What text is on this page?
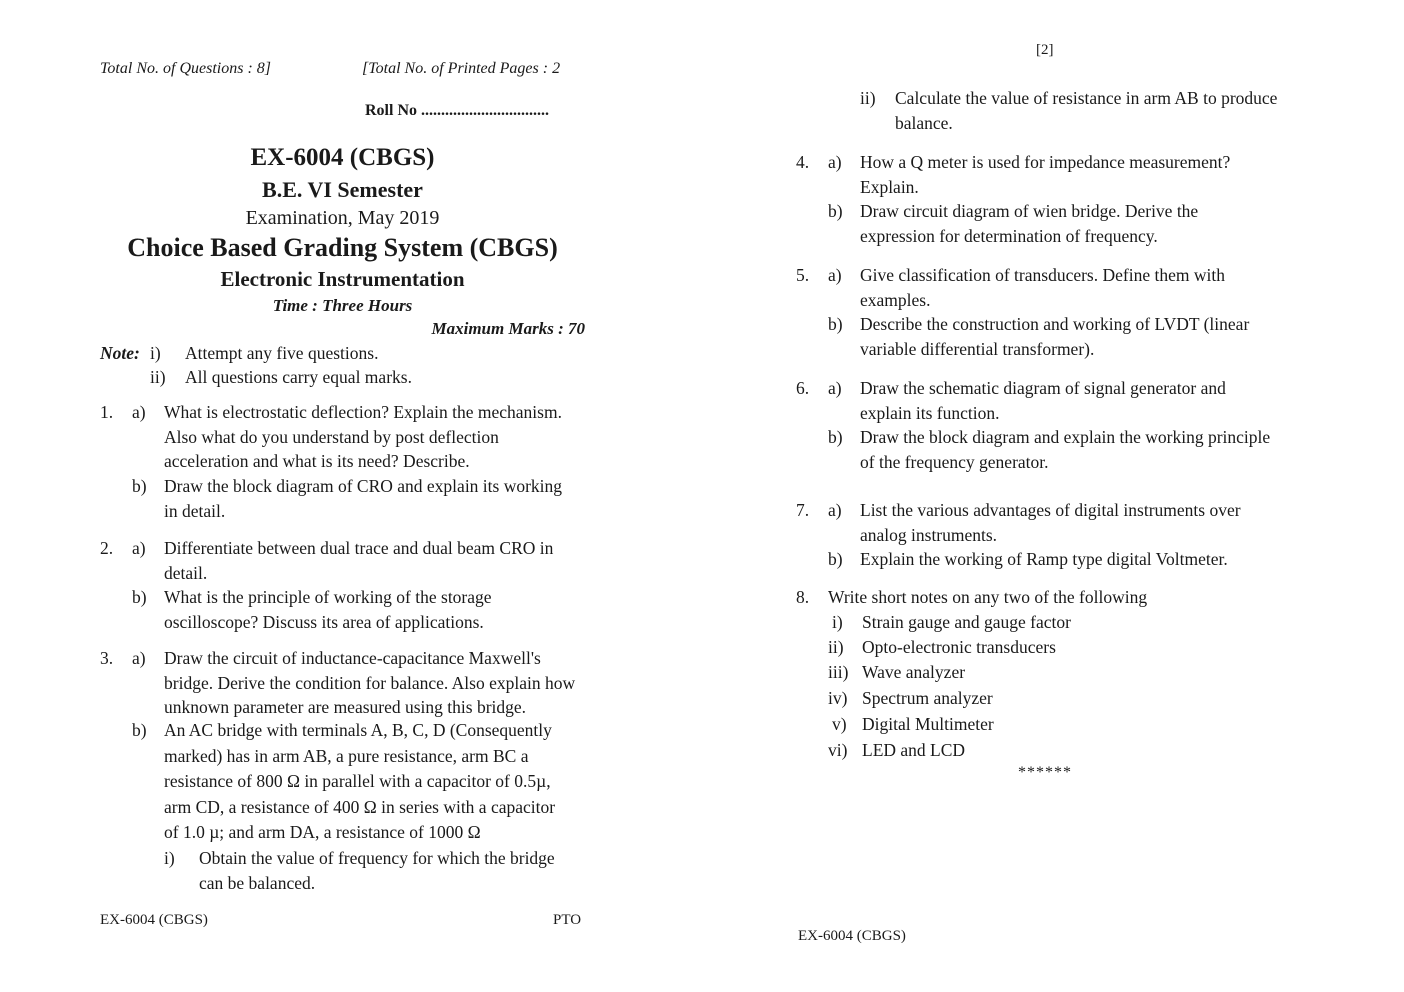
Total No. of Questions : 8]	[Total No. of Printed Pages : 2
Roll No ................................
EX-6004 (CBGS)
B.E. VI Semester
Examination, May 2019
Choice Based Grading System (CBGS)
Electronic Instrumentation
Time : Three Hours
Maximum Marks : 70
Note: i) Attempt any five questions.
ii) All questions carry equal marks.
1. a) What is electrostatic deflection? Explain the mechanism.
Also what do you understand by post deflection
acceleration and what is its need? Describe.
b) Draw the block diagram of CRO and explain its working
in detail.
2. a) Differentiate between dual trace and dual beam CRO in
detail.
b) What is the principle of working of the storage
oscilloscope? Discuss its area of applications.
3. a) Draw the circuit of inductance-capacitance Maxwell's
bridge. Derive the condition for balance. Also explain how
unknown parameter are measured using this bridge.
b) An AC bridge with terminals A, B, C, D (Consequently
marked) has in arm AB, a pure resistance, arm BC a
resistance of 800 Ω in parallel with a capacitor of 0.5µ,
arm CD, a resistance of 400 Ω in series with a capacitor
of 1.0 µ; and arm DA, a resistance of 1000 Ω
i) Obtain the value of frequency for which the bridge
can be balanced.
EX-6004 (CBGS)	PTO
[2]
ii) Calculate the value of resistance in arm AB to produce
balance.
4. a) How a Q meter is used for impedance measurement?
Explain.
b) Draw circuit diagram of wien bridge. Derive the
expression for determination of frequency.
5. a) Give classification of transducers. Define them with
examples.
b) Describe the construction and working of LVDT (linear
variable differential transformer).
6. a) Draw the schematic diagram of signal generator and
explain its function.
b) Draw the block diagram and explain the working principle
of the frequency generator.
7. a) List the various advantages of digital instruments over
analog instruments.
b) Explain the working of Ramp type digital Voltmeter.
8. Write short notes on any two of the following
i) Strain gauge and gauge factor
ii) Opto-electronic transducers
iii) Wave analyzer
iv) Spectrum analyzer
v) Digital Multimeter
vi) LED and LCD
******
EX-6004 (CBGS)
